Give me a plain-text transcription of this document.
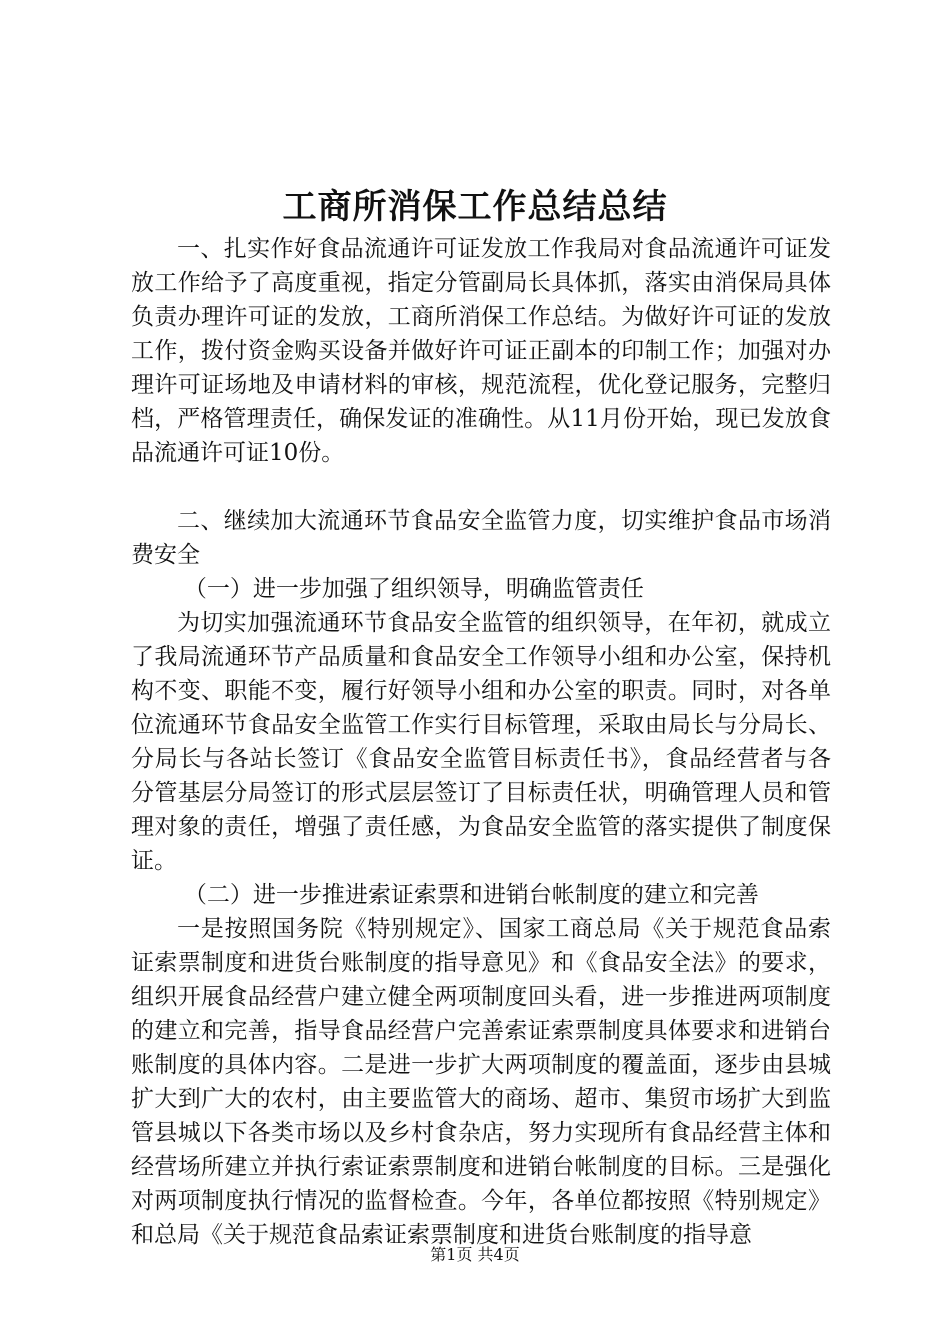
工商所消保工作总结总结

一、扎实作好食品流通许可证发放工作我局对食品流通许可证发放工作给予了高度重视，指定分管副局长具体抓，落实由消保局具体负责办理许可证的发放，工商所消保工作总结。为做好许可证的发放工作，拨付资金购买设备并做好许可证正副本的印制工作；加强对办理许可证场地及申请材料的审核，规范流程，优化登记服务，完整归档，严格管理责任，确保发证的准确性。从11月份开始，现已发放食品流通许可证10份。

二、继续加大流通环节食品安全监管力度，切实维护食品市场消费安全

（一）进一步加强了组织领导，明确监管责任

为切实加强流通环节食品安全监管的组织领导，在年初，就成立了我局流通环节产品质量和食品安全工作领导小组和办公室，保持机构不变、职能不变，履行好领导小组和办公室的职责。同时，对各单位流通环节食品安全监管工作实行目标管理，采取由局长与分局长、分局长与各站长签订《食品安全监管目标责任书》，食品经营者与各分管基层分局签订的形式层层签订了目标责任状，明确管理人员和管理对象的责任，增强了责任感，为食品安全监管的落实提供了制度保证。

（二）进一步推进索证索票和进销台帐制度的建立和完善

一是按照国务院《特别规定》、国家工商总局《关于规范食品索证索票制度和进货台账制度的指导意见》和《食品安全法》的要求，组织开展食品经营户建立健全两项制度回头看，进一步推进两项制度的建立和完善，指导食品经营户完善索证索票制度具体要求和进销台账制度的具体内容。二是进一步扩大两项制度的覆盖面，逐步由县城扩大到广大的农村，由主要监管大的商场、超市、集贸市场扩大到监管县城以下各类市场以及乡村食杂店，努力实现所有食品经营主体和经营场所建立并执行索证索票制度和进销台帐制度的目标。三是强化对两项制度执行情况的监督检查。今年，各单位都按照《特别规定》和总局《关于规范食品索证索票制度和进货台账制度的指导意

第1页 共4页
